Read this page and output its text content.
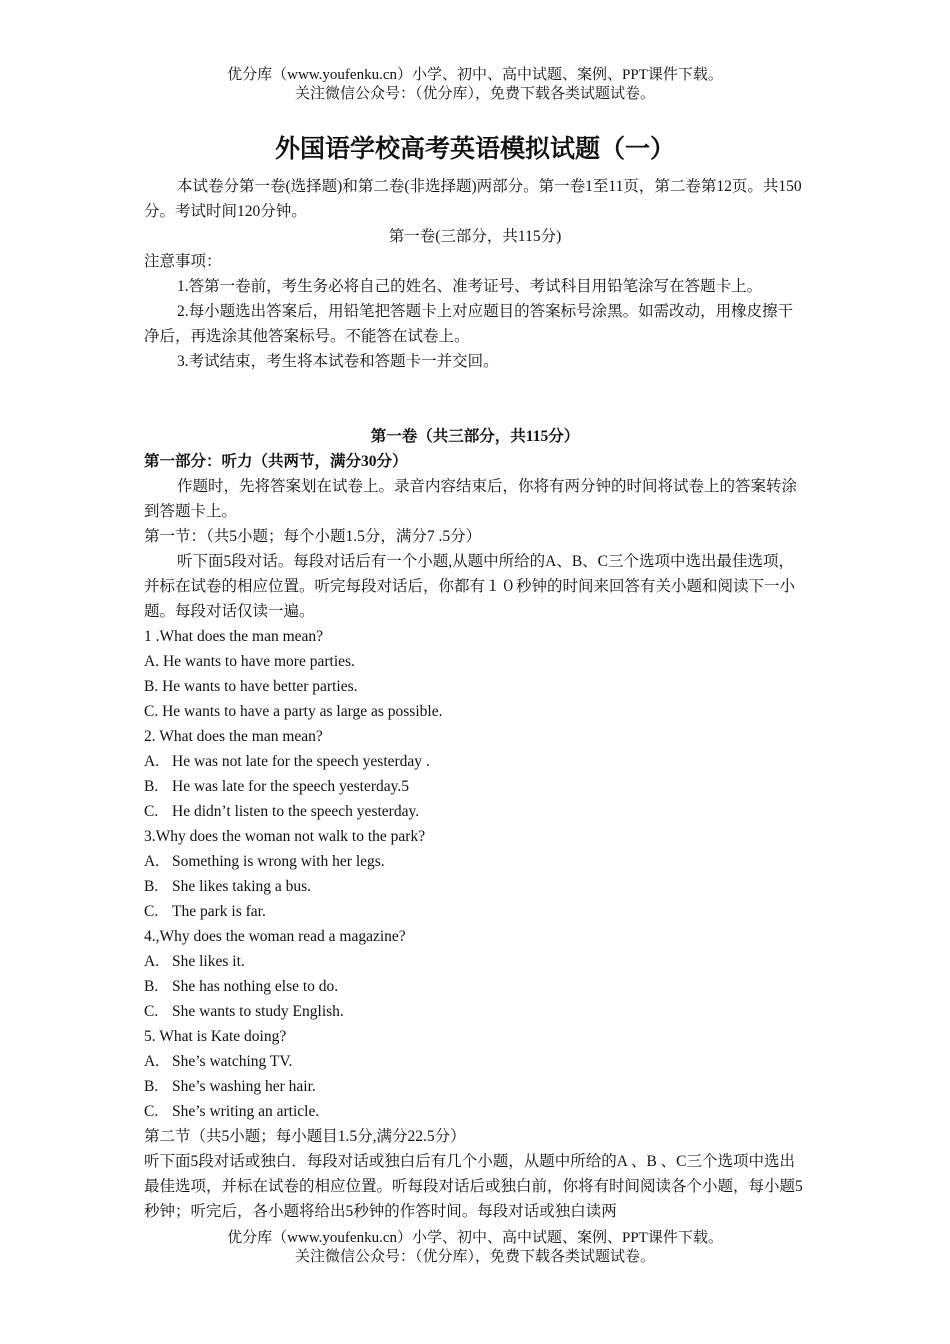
优分库（www.youfenku.cn）小学、初中、高中试题、案例、PPT课件下载。
关注微信公众号：（优分库），免费下载各类试题试卷。
外国语学校高考英语模拟试题（一）

本试卷分第一卷(选择题)和第二卷(非选择题)两部分。第一卷1至11页，第二卷第12页。共150分。考试时间120分钟。

第一卷(三部分，共115分)

注意事项：

1.答第一卷前，考生务必将自己的姓名、准考证号、考试科目用铅笔涂写在答题卡上。

2.每小题选出答案后，用铅笔把答题卡上对应题目的答案标号涂黑。如需改动，用橡皮擦干净后，再选涂其他答案标号。不能答在试卷上。

3.考试结束，考生将本试卷和答题卡一并交回。

第一卷（共三部分，共115分）

第一部分：听力（共两节，满分30分）

作题时，先将答案划在试卷上。录音内容结束后，你将有两分钟的时间将试卷上的答案转涂到答题卡上。

第一节：（共5小题；每个小题1.5分，满分7 .5分）

听下面5段对话。每段对话后有一个小题,从题中所给的A、B、C三个选项中选出最佳选项，并标在试卷的相应位置。听完每段对话后，你都有１０秒钟的时间来回答有关小题和阅读下一小题。每段对话仅读一遍。

1 .What does the man mean?

A. He wants to have more parties.

B. He wants to have better parties.

C. He wants to have a party as large as possible.

2. What does the man mean?

A. He was not late for the speech yesterday .
B. He was late for the speech yesterday.5
C. He didn’t listen to the speech yesterday.

3.Why does the woman not walk to the park?

A. Something is wrong with her legs.
B. She likes taking a bus.
C. The park is far.

4.,Why does the woman read a magazine?

A. She likes it.
B. She has nothing else to do.
C. She wants to study English.

5. What is Kate doing?

A. She’s watching TV.
B. She’s washing her hair.
C. She’s writing an article.

第二节（共5小题；每小题目1.5分,满分22.5分）

听下面5段对话或独白．每段对话或独白后有几个小题，从题中所给的A 、B 、C三个选项中选出最佳选项，并标在试卷的相应位置。听每段对话后或独白前，你将有时间阅读各个小题，每小题5秒钟；听完后，各小题将给出5秒钟的作答时间。每段对话或独白读两

优分库（www.youfenku.cn）小学、初中、高中试题、案例、PPT课件下载。
关注微信公众号：（优分库），免费下载各类试题试卷。
